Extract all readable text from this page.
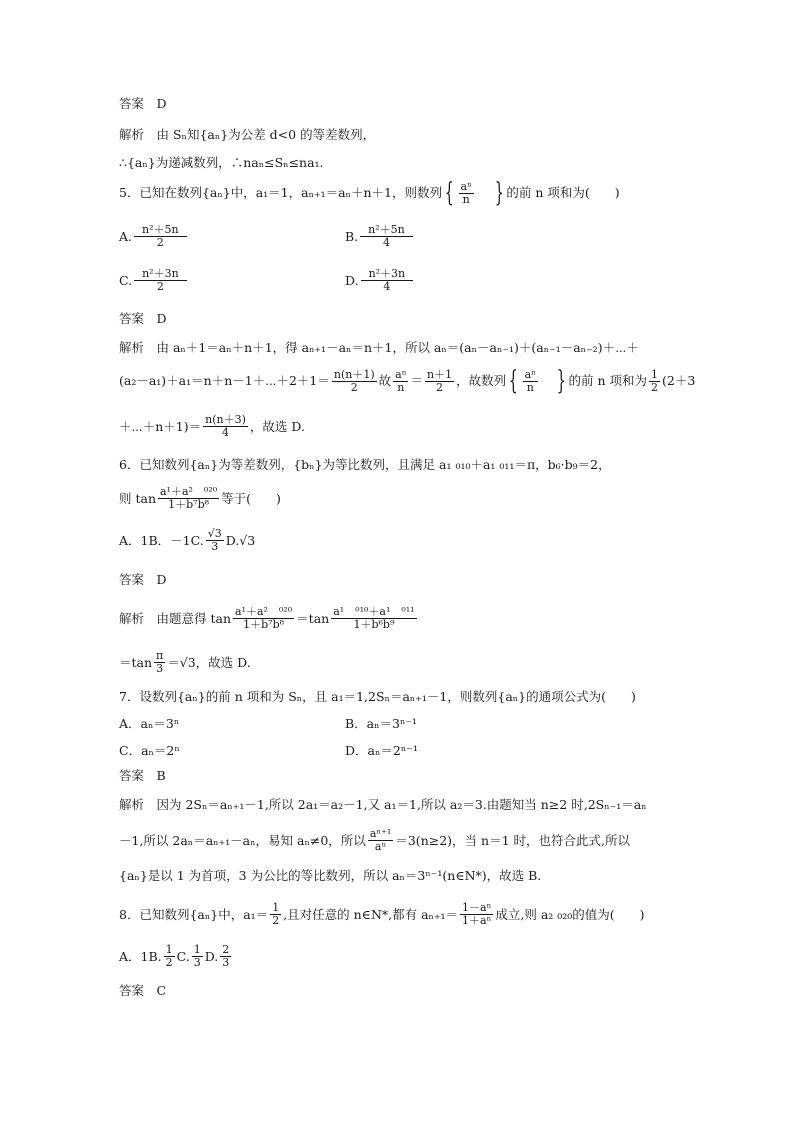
答案　D
解析　由 Sₙ知{aₙ}为公差 d<0 的等差数列，
∴{aₙ}为递减数列，∴naₙ≤Sₙ≤na₁.
5．已知在数列{aₙ}中，a₁＝1，aₙ₊₁＝aₙ＋n＋1，则数列 { $\frac{\text{aⁿ}}{n}$ } 的前 n 项和为(　　)
A. $\frac{\text{n²＋5n}}{2}$	B. $\frac{\text{n²＋5n}}{4}$
C. $\frac{\text{n²＋3n}}{2}$	D. $\frac{\text{n²＋3n}}{4}$
答案　D
解析　由 aₙ＋1＝aₙ＋n＋1，得 aₙ₊₁－aₙ＝n＋1，所以 aₙ＝(aₙ－aₙ₋₁)＋(aₙ₋₁－aₙ₋₂)＋⋯＋
(a₂－a₁)＋a₁＝n＋n－1＋⋯＋2＋1＝ $\frac{n(n+1)}{2}$ 故 $\frac{\text{aⁿ}}{n} = \frac{n+1}{2}$ ，故数列 { $\frac{\text{aⁿ}}{n}$ } 的前 n 项和为 $\frac{1}{2} (2+3$
＋⋯＋n＋1)＝ $\frac{n(n+3)}{4}$ ，故选 D.
6．已知数列{aₙ}为等差数列，{bₙ}为等比数列，且满足 a₁ ₀₁₀＋a₁ ₀₁₁＝π，b₆·b₉＝2，
则 $\tan \frac{\text{a¹＋a²　⁰²⁰}}{\text{1＋b⁷b⁸}}$ 等于(　　)
A．1B．－1C. $\frac{√3}{3} D.√3$
答案　D
解析　由题意得 $\tan \frac{\text{a¹＋a²　⁰²⁰}}{\text{1＋b⁷b⁸}} =\tan \frac{\text{a¹　⁰¹⁰＋a¹　⁰¹¹}}{\text{1＋b⁶b⁹}}$
$=\tan \frac{\pi}{3} =√3$，故选 D.
7．设数列{aₙ}的前 n 项和为 Sₙ，且 a₁＝1,2Sₙ＝aₙ₊₁－1，则数列{aₙ}的通项公式为(　　)
A．aₙ＝3ⁿ	B．aₙ＝3ⁿ⁻¹
C．aₙ＝2ⁿ	D．aₙ＝2ⁿ⁻¹
答案　B
解析　因为 2Sₙ＝aₙ₊₁－1,所以 2a₁＝a₂－1,又 a₁＝1,所以 a₂＝3.由题知当 n≥2 时,2Sₙ₋₁＝aₙ
－1,所以 2aₙ＝aₙ₊₁－aₙ，易知 aₙ≠0，所以 $\frac{\text{aⁿ⁺¹}}{\text{aⁿ}} =3(n\ge 2)$，当 n＝1 时，也符合此式,所以
{aₙ}是以 1 为首项，3 为公比的等比数列，所以 aₙ＝3ⁿ⁻¹(n∈N*)，故选 B.
8．已知数列{aₙ}中，$a_1= \frac{1}{2}$ ,且对任意的 n∈N*,都有 $a_{n+1}= \frac{\text{1－aⁿ}}{\text{1＋aⁿ}}$ 成立,则 a₂ ₀₂₀的值为(　　)
A．1B. $\frac{1}{2} C$. $\frac{1}{3} D$. $\frac{2}{3}$
答案　C
